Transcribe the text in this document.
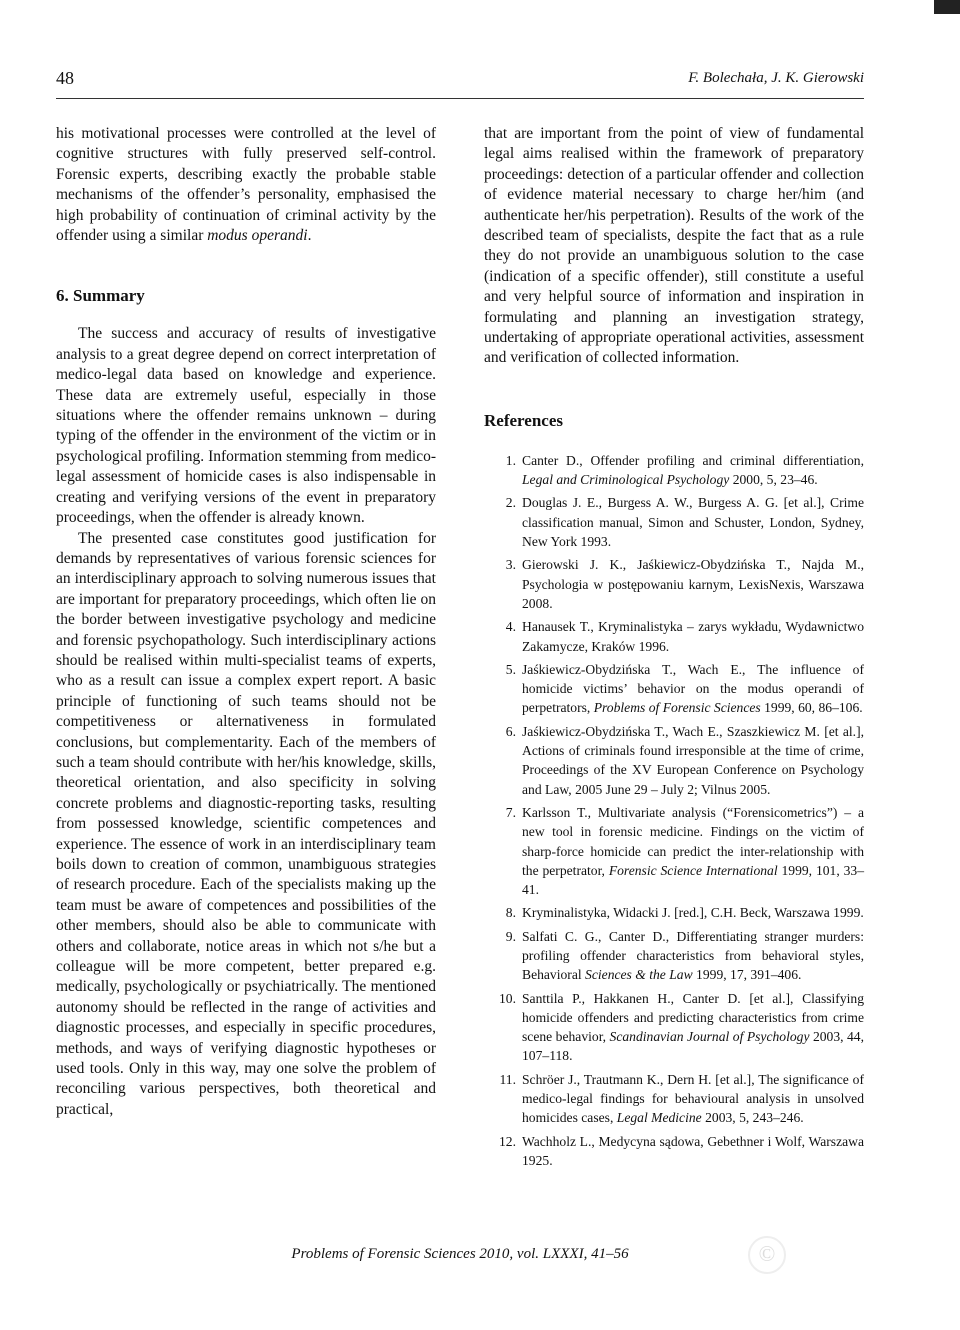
48	F. Bolechała, J. K. Gierowski

his motivational processes were controlled at the level of cognitive structures with fully preserved self-control. Forensic experts, describing exactly the probable stable mechanisms of the offender’s personality, emphasised the high probability of continuation of criminal activity by the offender using a similar modus operandi.

6. Summary

The success and accuracy of results of investigative analysis to a great degree depend on correct interpretation of medico-legal data based on knowledge and experience. These data are extremely useful, especially in those situations where the offender remains unknown – during typing of the offender in the environment of the victim or in psychological profiling. Information stemming from medico-legal assessment of homicide cases is also indispensable in creating and verifying versions of the event in preparatory proceedings, when the offender is already known.

The presented case constitutes good justification for demands by representatives of various forensic sciences for an interdisciplinary approach to solving numerous issues that are important for preparatory proceedings, which often lie on the border between investigative psychology and medicine and forensic psychopathology. Such interdisciplinary actions should be realised within multi-specialist teams of experts, who as a result can issue a complex expert report. A basic principle of functioning of such teams should not be competitiveness or alternativeness in formulated conclusions, but complementarity. Each of the members of such a team should contribute with her/his knowledge, skills, theoretical orientation, and also specificity in solving concrete problems and diagnostic-reporting tasks, resulting from possessed knowledge, scientific competences and experience. The essence of work in an interdisciplinary team boils down to creation of common, unambiguous strategies of research procedure. Each of the specialists making up the team must be aware of competences and possibilities of the other members, should also be able to communicate with others and collaborate, notice areas in which not s/he but a colleague will be more competent, better prepared e.g. medically, psychologically or psychiatrically. The mentioned autonomy should be reflected in the range of activities and diagnostic processes, and especially in specific procedures, methods, and ways of verifying diagnostic hypotheses or used tools. Only in this way, may one solve the problem of reconciling various perspectives, both theoretical and practical,

that are important from the point of view of fundamental legal aims realised within the framework of preparatory proceedings: detection of a particular offender and collection of evidence material necessary to charge her/him (and authenticate her/his perpetration). Results of the work of the described team of specialists, despite the fact that as a rule they do not provide an unambiguous solution to the case (indication of a specific offender), still constitute a useful and very helpful source of information and inspiration in formulating and planning an investigation strategy, undertaking of appropriate operational activities, assessment and verification of collected information.

References
1. Canter D., Offender profiling and criminal differentiation, Legal and Criminological Psychology 2000, 5, 23–46.
2. Douglas J. E., Burgess A. W., Burgess A. G. [et al.], Crime classification manual, Simon and Schuster, London, Sydney, New York 1993.
3. Gierowski J. K., Jaśkiewicz-Obydzińska T., Najda M., Psychologia w postępowaniu karnym, LexisNexis, Warszawa 2008.
4. Hanausek T., Kryminalistyka – zarys wykładu, Wydawnictwo Zakamycze, Kraków 1996.
5. Jaśkiewicz-Obydzińska T., Wach E., The influence of homicide victims’ behavior on the modus operandi of perpetrators, Problems of Forensic Sciences 1999, 60, 86–106.
6. Jaśkiewicz-Obydzińska T., Wach E., Szaszkiewicz M. [et al.], Actions of criminals found irresponsible at the time of crime, Proceedings of the XV European Conference on Psychology and Law, 2005 June 29 – July 2; Vilnus 2005.
7. Karlsson T., Multivariate analysis (“Forensicometrics”) – a new tool in forensic medicine. Findings on the victim of sharp-force homicide can predict the inter-relationship with the perpetrator, Forensic Science International 1999, 101, 33–41.
8. Kryminalistyka, Widacki J. [red.], C.H. Beck, Warszawa 1999.
9. Salfati C. G., Canter D., Differentiating stranger murders: profiling offender characteristics from behavioral styles, Behavioral Sciences & the Law 1999, 17, 391–406.
10. Santtila P., Hakkanen H., Canter D. [et al.], Classifying homicide offenders and predicting characteristics from crime scene behavior, Scandinavian Journal of Psychology 2003, 44, 107–118.
11. Schröer J., Trautmann K., Dern H. [et al.], The significance of medico-legal findings for behavioural analysis in unsolved homicides cases, Legal Medicine 2003, 5, 243–246.
12. Wachholz L., Medycyna sądowa, Gebethner i Wolf, Warszawa 1925.
Problems of Forensic Sciences 2010, vol. LXXXI, 41–56	©
